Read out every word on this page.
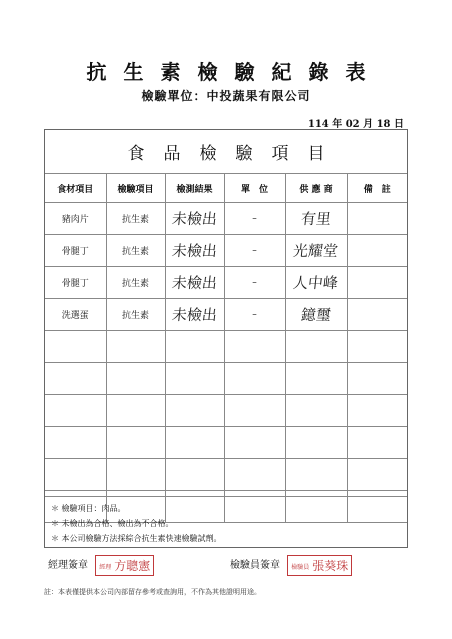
抗生素檢驗紀錄表
檢驗單位：中投蔬果有限公司
114 年 02 月 18 日
食品檢驗項目
食材項目	檢驗項目	檢測結果	單　位	供 應 商	備　註
豬肉片	抗生素	未檢出	–	有里	
骨腿丁	抗生素	未檢出	–	光耀堂	
骨腿丁	抗生素	未檢出	–	人中峰	
洗選蛋	抗生素	未檢出	–	鐿璽	

＊ 檢驗項目：肉品。
＊ 未檢出為合格、檢出為不合格。
＊ 本公司檢驗方法採綜合抗生素快速檢驗試劑。
經理簽章 經理 方聰憲	檢驗員簽章 檢驗員 張葵珠
註：本表僅提供本公司內部留存參考或查詢用，不作為其他證明用途。
